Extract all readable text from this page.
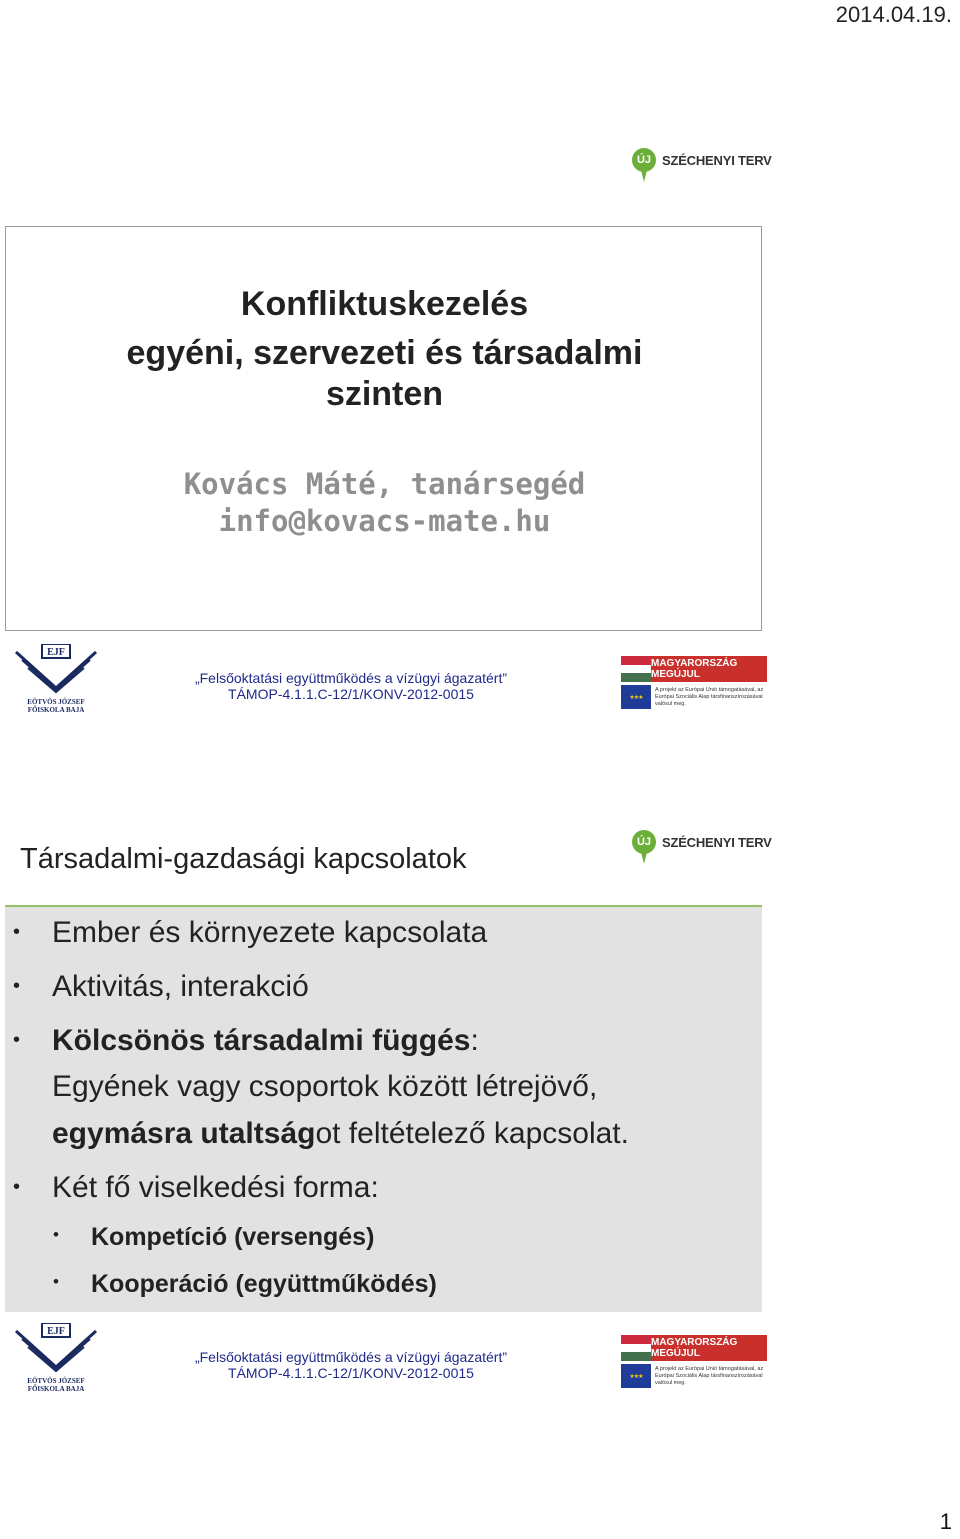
2014.04.19.
ÚJ SZÉCHENYI TERV
Konfliktuskezelés
egyéni, szervezeti és társadalmi
szinten
Kovács Máté, tanársegéd
info@kovacs-mate.hu
EJF
EÖTVÖS JÓZSEF
FŐISKOLA BAJA
„Felsőoktatási együttműködés a vízügyi ágazatért”
TÁMOP-4.1.1.C-12/1/KONV-2012-0015
MAGYARORSZÁG MEGÚJUL
★★★
A projekt az Európai Unió támogatásával, az Európai Szociális Alap társfinanszírozásával valósul meg.
Társadalmi-gazdasági kapcsolatok
ÚJ SZÉCHENYI TERV
• Ember és környezete kapcsolata
• Aktivitás, interakció
• Kölcsönös társadalmi függés:
Egyének vagy csoportok között létrejövő,
egymásra utaltságot feltételező kapcsolat.
• Két fő viselkedési forma:
• Kompetíció (versengés)
• Kooperáció (együttműködés)
EJF
EÖTVÖS JÓZSEF
FŐISKOLA BAJA
„Felsőoktatási együttműködés a vízügyi ágazatért”
TÁMOP-4.1.1.C-12/1/KONV-2012-0015
MAGYARORSZÁG MEGÚJUL
★★★
A projekt az Európai Unió támogatásával, az Európai Szociális Alap társfinanszírozásával valósul meg.
1
